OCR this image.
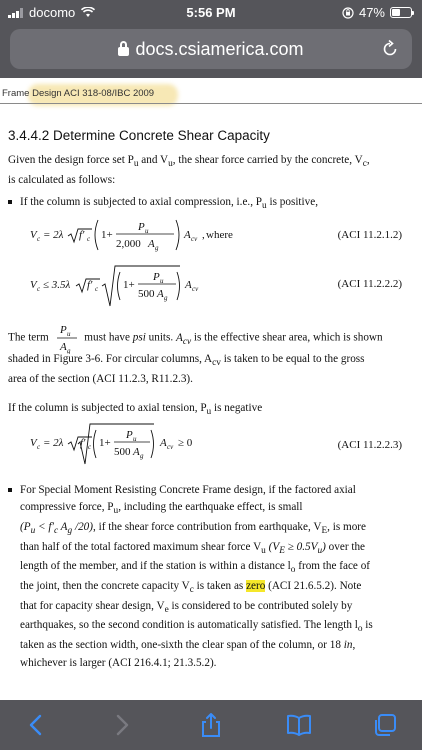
docomo	5:56 PM	47%
docs.csiamerica.com
Frame Design ACI 318-08/IBC 2009
3.4.4.2 Determine Concrete Shear Capacity
Given the design force set $P_u$ and $V_u$, the shear force carried by the concrete, $V_c$,
is calculated as follows:
If the column is subjected to axial compression, i.e., $P_u$ is positive,
V c = 2λ f′ c 1+
P u
2,000 A g
A cv , where	(ACI 11.2.1.2)
V c ≤ 3.5λ f′ c 1+
P u
500 A g
A cv	(ACI 11.2.2.2)
The term
P u
A g
must have psi units. $A_{cv}$ is the effective shear area, which is shown
shaded in Figure 3-6. For circular columns, $A_{cv}$ is taken to be equal to the gross
area of the section (ACI 11.2.3, R11.2.3).
If the column is subjected to axial tension, $P_u$ is negative
V c = 2λ f′ c 1+
P u
500 A g
A cv ≥ 0	(ACI 11.2.2.3)
For Special Moment Resisting Concrete Frame design, if the factored axial
compressive force, $P_u$, including the earthquake effect, is small
($P_u < f'_c$ $A_g$ /20), if the shear force contribution from earthquake, $V_E$, is more
than half of the total factored maximum shear force $V_u$ $(V_E \ge 0.5V_u)$ over the
length of the member, and if the station is within a distance $l_o$ from the face of
the joint, then the concrete capacity $V_c$ is taken as zero (ACI 21.6.5.2). Note
that for capacity shear design, $V_e$ is considered to be contributed solely by
earthquakes, so the second condition is automatically satisfied. The length $l_o$ is
taken as the section width, one-sixth the clear span of the column, or 18 in,
whichever is larger (ACI 216.4.1; 21.3.5.2).
